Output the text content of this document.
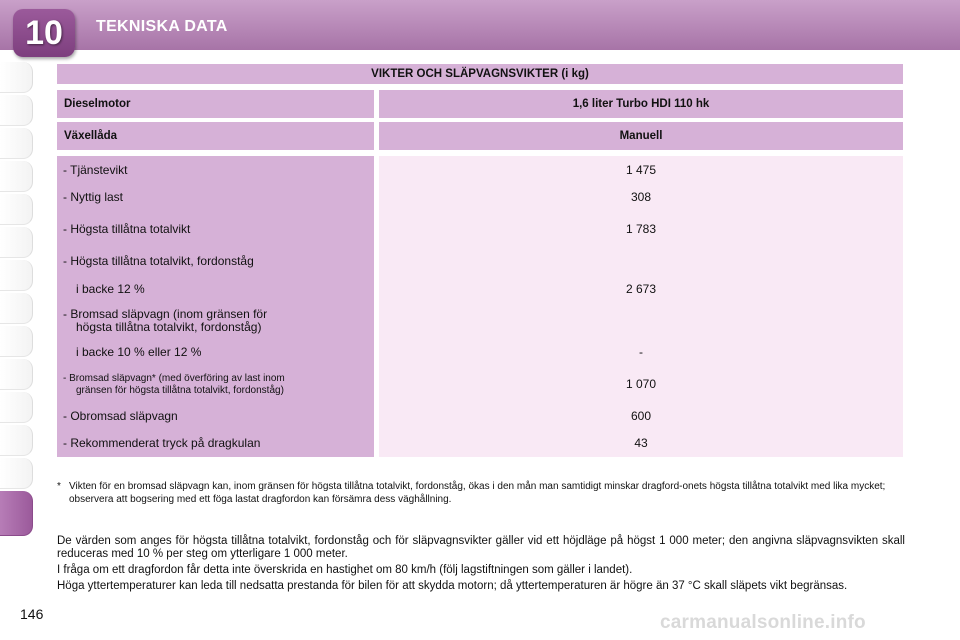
10	TEKNISKA DATA
VIKTER OCH SLÄPVAGNSVIKTER (i kg)
Dieselmotor	1,6 liter Turbo HDI 110 hk
Växellåda	Manuell
- Tjänstevikt	1 475
- Nyttig last	308
- Högsta tillåtna totalvikt	1 783
- Högsta tillåtna totalvikt, fordonståg
i backe 12 %	2 673
- Bromsad släpvagn (inom gränsen för
högsta tillåtna totalvikt, fordonståg)
i backe 10 % eller 12 %	-
- Bromsad släpvagn* (med överföring av last inom
gränsen för högsta tillåtna totalvikt, fordonståg)	1 070
- Obromsad släpvagn	600
- Rekommenderat tryck på dragkulan	43
* Vikten för en bromsad släpvagn kan, inom gränsen för högsta tillåtna totalvikt, fordonståg, ökas i den mån man samtidigt minskar dragford-onets högsta tillåtna totalvikt med lika mycket; observera att bogsering med ett föga lastat dragfordon kan försämra dess väghållning.
De värden som anges för högsta tillåtna totalvikt, fordonståg och för släpvagnsvikter gäller vid ett höjdläge på högst 1 000 meter; den angivna släpvagnsvikten skall reduceras med 10 % per steg om ytterligare 1 000 meter.
I fråga om ett dragfordon får detta inte överskrida en hastighet om 80 km/h (följ lagstiftningen som gäller i landet).
Höga yttertemperaturer kan leda till nedsatta prestanda för bilen för att skydda motorn; då yttertemperaturen är högre än 37 °C skall släpets vikt begränsas.
146	carmanualsonline.info
